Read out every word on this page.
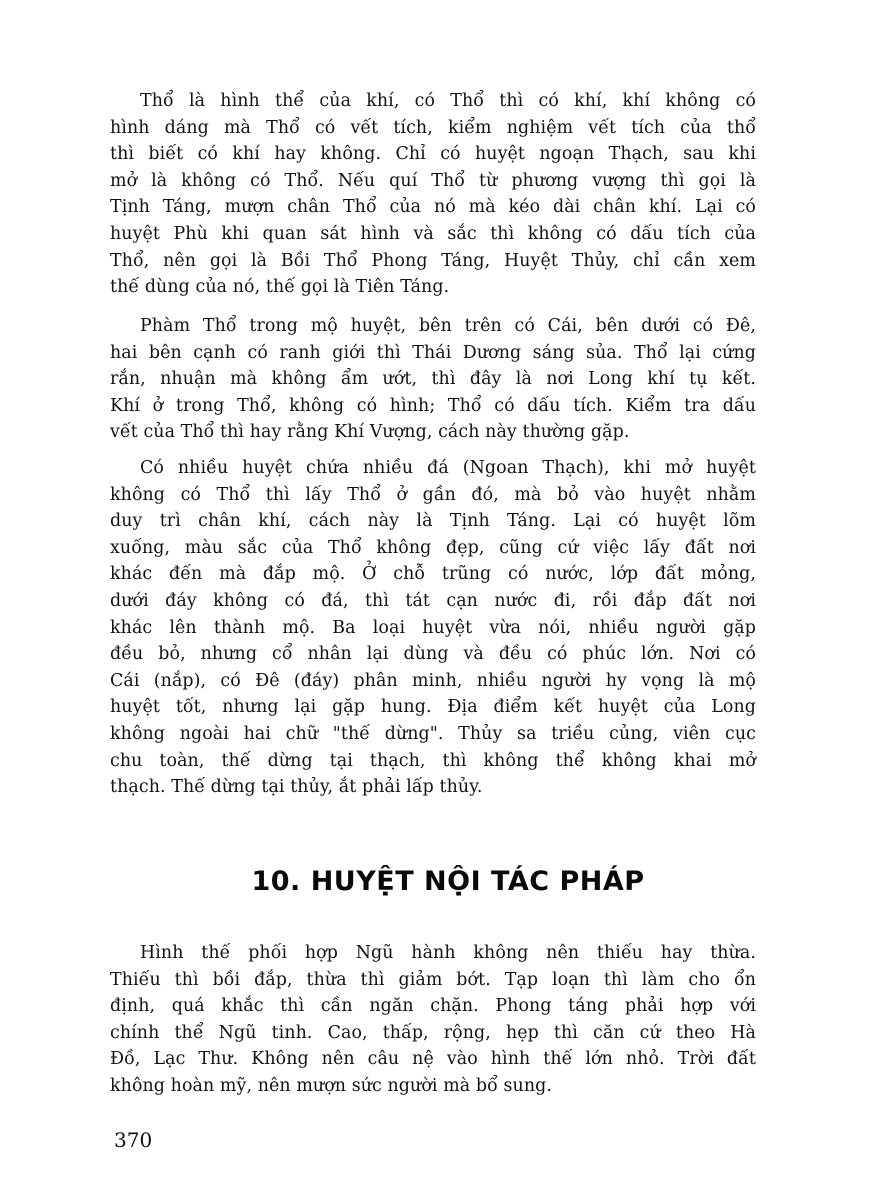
Thổ là hình thể của khí, có Thổ thì có khí, khí không có
hình dáng mà Thổ có vết tích, kiểm nghiệm vết tích của thổ
thì biết có khí hay không. Chỉ có huyệt ngoạn Thạch, sau khi
mở là không có Thổ. Nếu quí Thổ từ phương vượng thì gọi là
Tịnh Táng, mượn chân Thổ của nó mà kéo dài chân khí. Lại có
huyệt Phù khi quan sát hình và sắc thì không có dấu tích của
Thổ, nên gọi là Bồi Thổ Phong Táng, Huyệt Thủy, chỉ cần xem
thế dùng của nó, thế gọi là Tiên Táng.
Phàm Thổ trong mộ huyệt, bên trên có Cái, bên dưới có Đê,
hai bên cạnh có ranh giới thì Thái Dương sáng sủa. Thổ lại cứng
rắn, nhuận mà không ẩm ướt, thì đây là nơi Long khí tụ kết.
Khí ở trong Thổ, không có hình; Thổ có dấu tích. Kiểm tra dấu
vết của Thổ thì hay rằng Khí Vượng, cách này thường gặp.
Có nhiều huyệt chứa nhiều đá (Ngoan Thạch), khi mở huyệt
không có Thổ thì lấy Thổ ở gần đó, mà bỏ vào huyệt nhằm
duy trì chân khí, cách này là Tịnh Táng. Lại có huyệt lõm
xuống, màu sắc của Thổ không đẹp, cũng cứ việc lấy đất nơi
khác đến mà đắp mộ. Ở chỗ trũng có nước, lớp đất mỏng,
dưới đáy không có đá, thì tát cạn nước đi, rồi đắp đất nơi
khác lên thành mộ. Ba loại huyệt vừa nói, nhiều người gặp
đều bỏ, nhưng cổ nhân lại dùng và đều có phúc lớn. Nơi có
Cái (nắp), có Đê (đáy) phân minh, nhiều người hy vọng là mộ
huyệt tốt, nhưng lại gặp hung. Địa điểm kết huyệt của Long
không ngoài hai chữ "thế dừng". Thủy sa triều củng, viên cục
chu toàn, thế dừng tại thạch, thì không thể không khai mở
thạch. Thế dừng tại thủy, ắt phải lấp thủy.
10. HUYỆT NỘI TÁC PHÁP
Hình thế phối hợp Ngũ hành không nên thiếu hay thừa.
Thiếu thì bồi đắp, thừa thì giảm bớt. Tạp loạn thì làm cho ổn
định, quá khắc thì cần ngăn chặn. Phong táng phải hợp với
chính thể Ngũ tinh. Cao, thấp, rộng, hẹp thì căn cứ theo Hà
Đồ, Lạc Thư. Không nên câu nệ vào hình thế lớn nhỏ. Trời đất
không hoàn mỹ, nên mượn sức người mà bổ sung.
370
